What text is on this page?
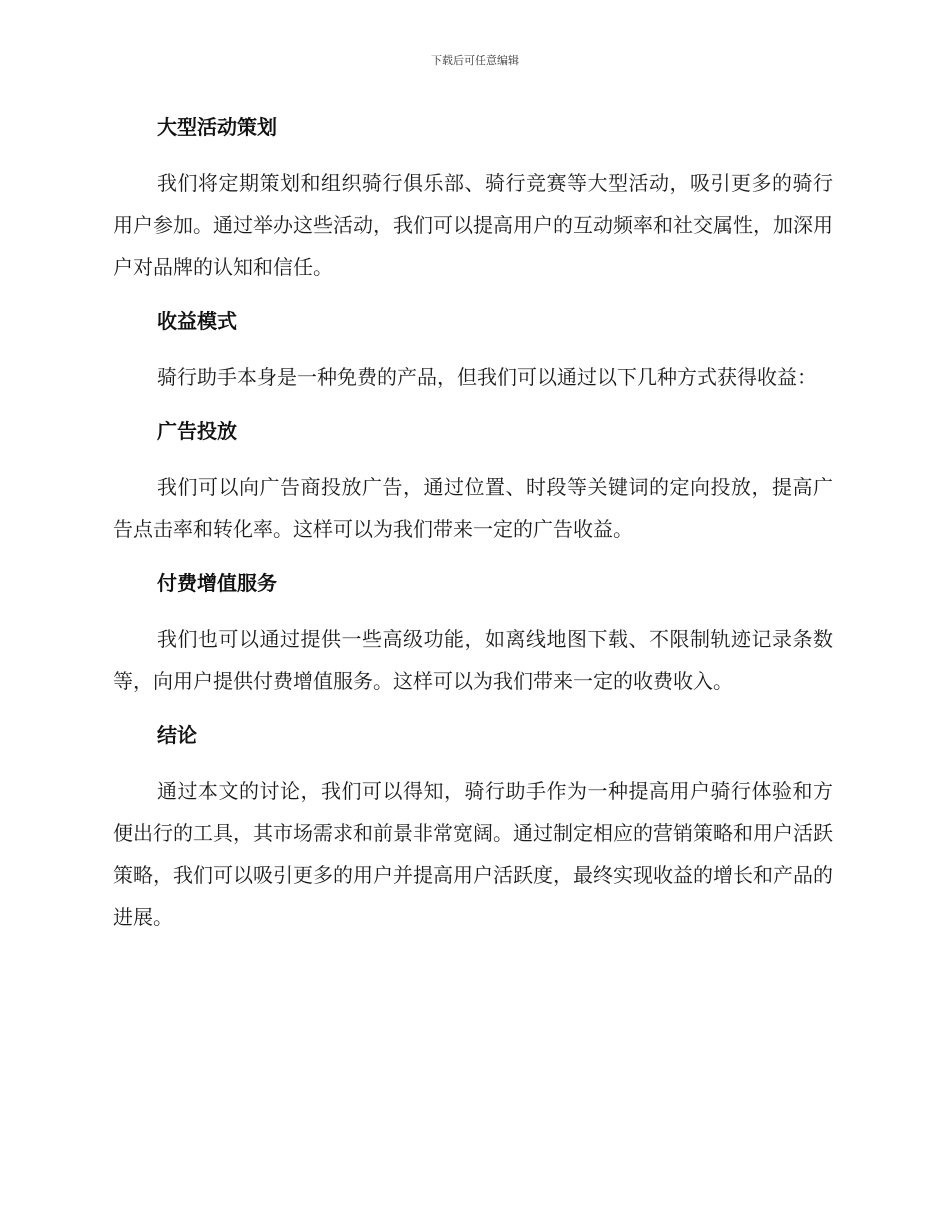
下载后可任意编辑
大型活动策划

我们将定期策划和组织骑行俱乐部、骑行竞赛等大型活动，吸引更多的骑行用户参加。通过举办这些活动，我们可以提高用户的互动频率和社交属性，加深用户对品牌的认知和信任。

收益模式

骑行助手本身是一种免费的产品，但我们可以通过以下几种方式获得收益：

广告投放

我们可以向广告商投放广告，通过位置、时段等关键词的定向投放，提高广告点击率和转化率。这样可以为我们带来一定的广告收益。

付费增值服务

我们也可以通过提供一些高级功能，如离线地图下载、不限制轨迹记录条数等，向用户提供付费增值服务。这样可以为我们带来一定的收费收入。

结论

通过本文的讨论，我们可以得知，骑行助手作为一种提高用户骑行体验和方便出行的工具，其市场需求和前景非常宽阔。通过制定相应的营销策略和用户活跃策略，我们可以吸引更多的用户并提高用户活跃度，最终实现收益的增长和产品的进展。
